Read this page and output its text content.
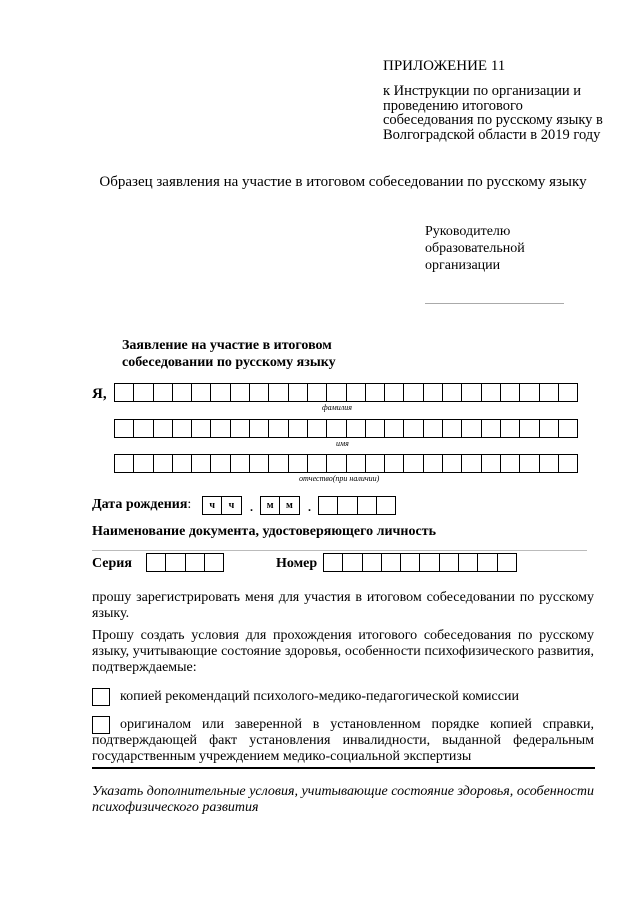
ПРИЛОЖЕНИЕ 11
к Инструкции по организации и проведению итогового собеседования по русскому языку в Волгоградской области в 2019 году
Образец заявления на участие в итоговом собеседовании по русскому языку
Руководителю
образовательной
организации
Заявление на участие в итоговом
собеседовании по русскому языку
Я,
фамилия
имя
отчество(при наличии)
Дата рождения:	ч	ч	.	м	м	.
Наименование документа, удостоверяющего личность
Серия	Номер
прошу зарегистрировать меня для участия в итоговом собеседовании по русскому языку.
Прошу создать условия для прохождения итогового собеседования по русскому языку, учитывающие состояние здоровья, особенности психофизического развития, подтверждаемые:
копией рекомендаций психолого-медико-педагогической комиссии
оригиналом или заверенной в установленном порядке копией справки, подтверждающей факт установления инвалидности, выданной федеральным государственным учреждением медико-социальной экспертизы
Указать дополнительные условия, учитывающие состояние здоровья, особенности психофизического развития
